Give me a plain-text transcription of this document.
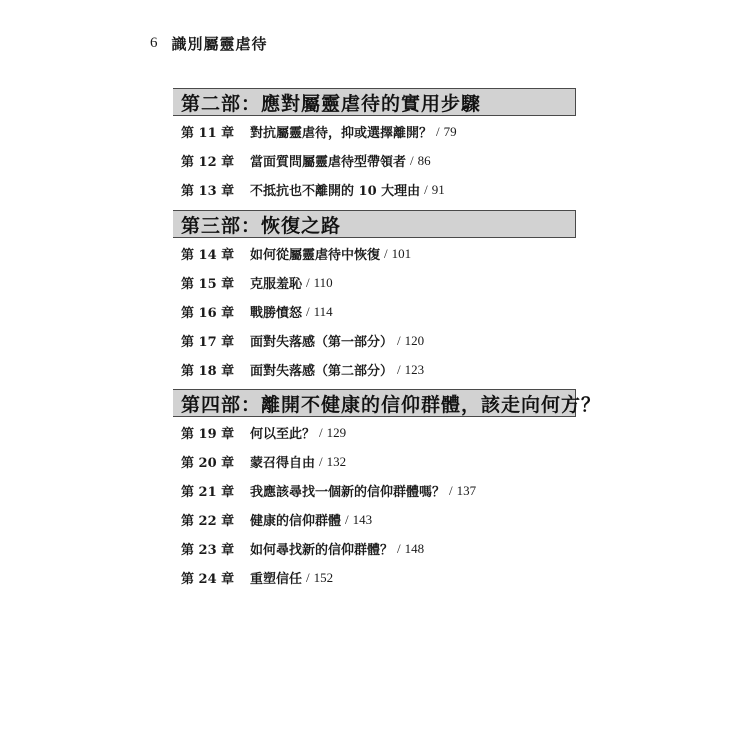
6 識別屬靈虐待
第二部：應對屬靈虐待的實用步驟
第 11 章	對抗屬靈虐待，抑或選擇離開？ / 79
第 12 章	當面質問屬靈虐待型帶領者 / 86
第 13 章	不抵抗也不離開的 10 大理由 / 91
第三部：恢復之路
第 14 章	如何從屬靈虐待中恢復 / 101
第 15 章	克服羞恥 / 110
第 16 章	戰勝憤怒 / 114
第 17 章	面對失落感（第一部分） / 120
第 18 章	面對失落感（第二部分） / 123
第四部：離開不健康的信仰群體，該走向何方？
第 19 章	何以至此？ / 129
第 20 章	蒙召得自由 / 132
第 21 章	我應該尋找一個新的信仰群體嗎？ / 137
第 22 章	健康的信仰群體 / 143
第 23 章	如何尋找新的信仰群體？ / 148
第 24 章	重塑信任 / 152
